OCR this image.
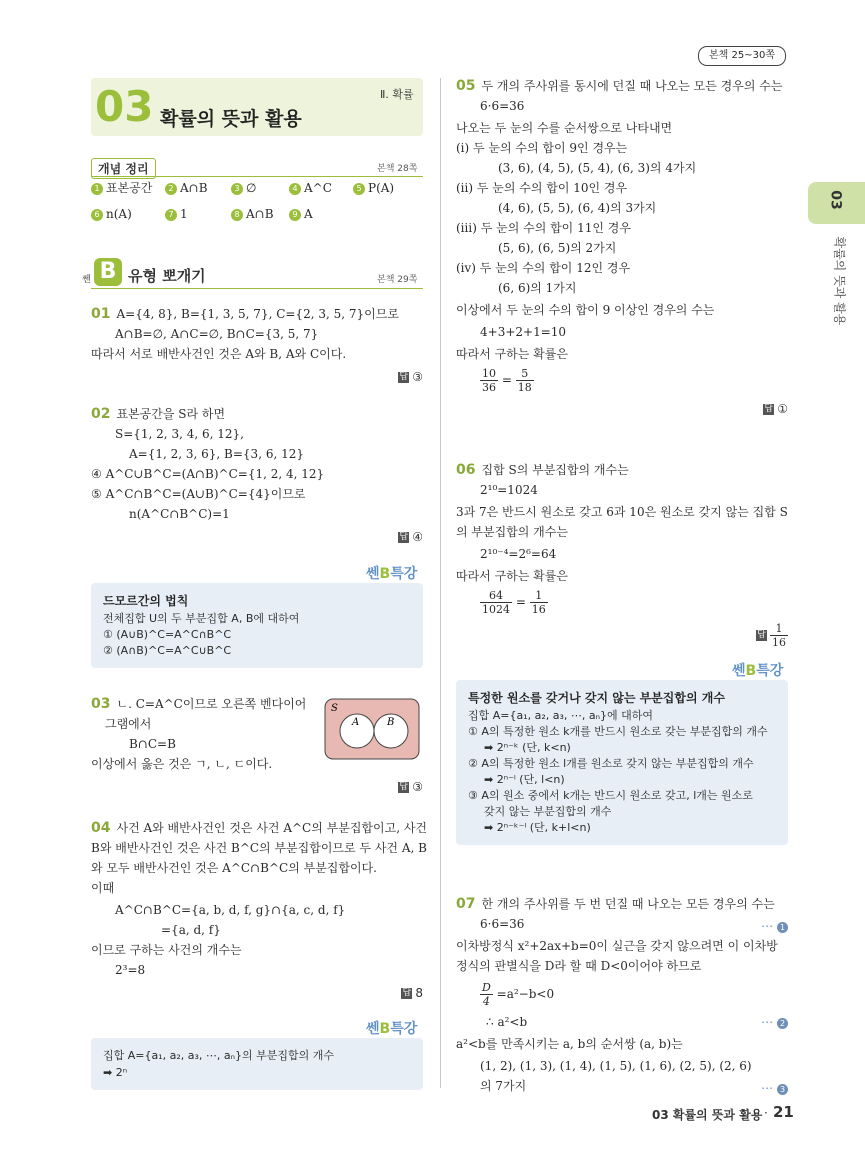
본책 25~30쪽
03
확률의 뜻과 활용
03 확률의 뜻과 활용
Ⅱ. 확률
개념 정리	본책 28쪽
1 표본공간	2 A∩B	3 ∅	4 A^C	5 P(A)
6 n(A)	7 1	8 A∩B	9 A
쎈 B 유형 뽀개기	본책 29쪽
01 A={4, 8}, B={1, 3, 5, 7}, C={2, 3, 5, 7}이므로
A∩B=∅, A∩C=∅, B∩C={3, 5, 7}
따라서 서로 배반사건인 것은 A와 B, A와 C이다.
답 ③
02 표본공간을 S라 하면
S={1, 2, 3, 4, 6, 12},
A={1, 2, 3, 6}, B={3, 6, 12}
④ A^C∪B^C=(A∩B)^C={1, 2, 4, 12}
⑤ A^C∩B^C=(A∪B)^C={4}이므로
n(A^C∩B^C)=1
답 ④
쎈B특강
드모르간의 법칙
전체집합 U의 두 부분집합 A, B에 대하여
① (A∪B)^C=A^C∩B^C
② (A∩B)^C=A^C∪B^C
03 ㄴ. C=A^C이므로 오른쪽 벤다이어
그램에서
B∩C=B
이상에서 옳은 것은 ㄱ, ㄴ, ㄷ이다.
답 ③
S
A	B
04 사건 A와 배반사건인 것은 사건 A^C의 부분집합이고, 사건
B와 배반사건인 것은 사건 B^C의 부분집합이므로 두 사건 A, B
와 모두 배반사건인 것은 A^C∩B^C의 부분집합이다.
이때
A^C∩B^C={a, b, d, f, g}∩{a, c, d, f}
={a, d, f}
이므로 구하는 사건의 개수는
2³=8
답 8
쎈B특강
집합 A={a₁, a₂, a₃, ⋯, aₙ}의 부분집합의 개수
➡ 2ⁿ
05 두 개의 주사위를 동시에 던질 때 나오는 모든 경우의 수는
6·6=36
나오는 두 눈의 수를 순서쌍으로 나타내면
(ⅰ) 두 눈의 수의 합이 9인 경우는
(3, 6), (4, 5), (5, 4), (6, 3)의 4가지
(ⅱ) 두 눈의 수의 합이 10인 경우
(4, 6), (5, 5), (6, 4)의 3가지
(ⅲ) 두 눈의 수의 합이 11인 경우
(5, 6), (6, 5)의 2가지
(ⅳ) 두 눈의 수의 합이 12인 경우
(6, 6)의 1가지
이상에서 두 눈의 수의 합이 9 이상인 경우의 수는
4+3+2+1=10
따라서 구하는 확률은
$\frac{10}{36} = \frac{5}{18}$
답 ①
06 집합 S의 부분집합의 개수는
2¹⁰=1024
3과 7은 반드시 원소로 갖고 6과 10은 원소로 갖지 않는 집합 S
의 부분집합의 개수는
2¹⁰⁻⁴=2⁶=64
따라서 구하는 확률은
$\frac{64}{1024} = \frac{1}{16}$
답 $\frac{1}{16}$
쎈B특강
특정한 원소를 갖거나 갖지 않는 부분집합의 개수
집합 A={a₁, a₂, a₃, ⋯, aₙ}에 대하여
① A의 특정한 원소 k개를 반드시 원소로 갖는 부분집합의 개수
➡ 2ⁿ⁻ᵏ (단, k<n)
② A의 특정한 원소 l개를 원소로 갖지 않는 부분집합의 개수
➡ 2ⁿ⁻ˡ (단, l<n)
③ A의 원소 중에서 k개는 반드시 원소로 갖고, l개는 원소로
갖지 않는 부분집합의 개수
➡ 2ⁿ⁻ᵏ⁻ˡ (단, k+l<n)
07 한 개의 주사위를 두 번 던질 때 나오는 모든 경우의 수는
6·6=36	⋯ 1
이차방정식 x²+2ax+b=0이 실근을 갖지 않으려면 이 이차방
정식의 판별식을 D라 할 때 D<0이어야 하므로
$\frac{D}{4} =a^2-b<0$
∴ a²<b	⋯ 2
a²<b를 만족시키는 a, b의 순서쌍 (a, b)는
(1, 2), (1, 3), (1, 4), (1, 5), (1, 6), (2, 5), (2, 6)
의 7가지	⋯ 3
03 확률의 뜻과 활용 · 21
